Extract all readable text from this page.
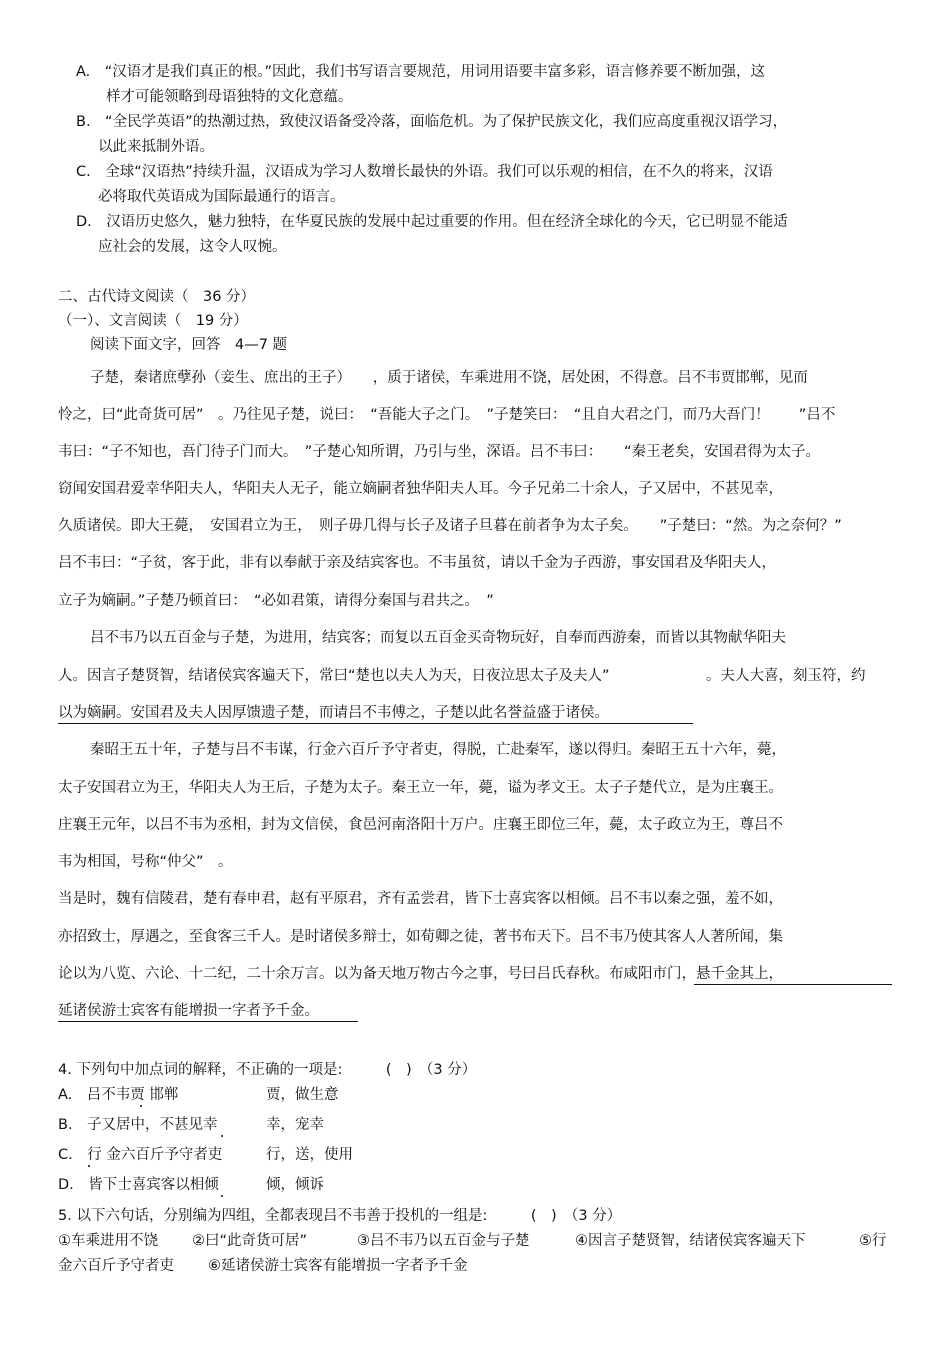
A.　“汉语才是我们真正的根。”因此，我们书写语言要规范，用词用语要丰富多彩，语言修养要不断加强，这
样才可能领略到母语独特的文化意蕴。
B.　“全民学英语”的热潮过热，致使汉语备受冷落，面临危机。为了保护民族文化，我们应高度重视汉语学习，
以此来抵制外语。
C.　全球“汉语热”持续升温，汉语成为学习人数增长最快的外语。我们可以乐观的相信，在不久的将来，汉语
必将取代英语成为国际最通行的语言。
D.　汉语历史悠久，魅力独特，在华夏民族的发展中起过重要的作用。但在经济全球化的今天，它已明显不能适
应社会的发展，这令人叹惋。
二、古代诗文阅读（　36 分）
（一）、文言阅读（　19 分）
阅读下面文字，回答　4—7 题
子楚，秦诸庶孽孙（妾生、庶出的王子）　　，质于诸侯，车乘进用不饶，居处困，不得意。吕不韦贾邯郸，见而
怜之，曰“此奇货可居”　。乃往见子楚，说曰：　“吾能大子之门。　”子楚笑曰：　“且自大君之门，而乃大吾门！　　”吕不
韦曰：“子不知也，吾门待子门而大。　”子楚心知所谓，乃引与坐，深语。吕不韦曰：　　“秦王老矣，安国君得为太子。
窃闻安国君爱幸华阳夫人，华阳夫人无子，能立嫡嗣者独华阳夫人耳。今子兄弟二十余人，子又居中，不甚见幸，
久质诸侯。即大王薨，　安国君立为王，　则子毋几得与长子及诸子旦暮在前者争为太子矣。　　”子楚曰：“然。为之奈何？”
吕不韦曰：“子贫，客于此，非有以奉献于亲及结宾客也。不韦虽贫，请以千金为子西游，事安国君及华阳夫人，
立子为嫡嗣。”子楚乃顿首曰：　“必如君策，请得分秦国与君共之。　”
吕不韦乃以五百金与子楚，为进用，结宾客；而复以五百金买奇物玩好，自奉而西游秦，而皆以其物献华阳夫
人。因言子楚贤智，结诸侯宾客遍天下，常曰“楚也以夫人为天，日夜泣思太子及夫人”	。夫人大喜，刻玉符，约
以为嫡嗣。安国君及夫人因厚馈遗子楚，而请吕不韦傅之，子楚以此名誉益盛于诸侯。
秦昭王五十年，子楚与吕不韦谋，行金六百斤予守者吏，得脱，亡赴秦军，遂以得归。秦昭王五十六年，薨，
太子安国君立为王，华阳夫人为王后，子楚为太子。秦王立一年，薨，谥为孝文王。太子子楚代立，是为庄襄王。
庄襄王元年，以吕不韦为丞相，封为文信侯，食邑河南洛阳十万户。庄襄王即位三年，薨，太子政立为王，尊吕不
韦为相国，号称“仲父”　。
当是时，魏有信陵君，楚有春申君，赵有平原君，齐有孟尝君，皆下士喜宾客以相倾。吕不韦以秦之强，羞不如，
亦招致士，厚遇之，至食客三千人。是时诸侯多辩士，如荀卿之徒，著书布天下。吕不韦乃使其客人人著所闻，集
论以为八览、六论、十二纪，二十余万言。以为备天地万物古今之事，号曰吕氏春秋。布咸阳市门，悬千金其上，
延诸侯游士宾客有能增损一字者予千金。
4. 下列句中加点词的解释，不正确的一项是:　　　(　)　（3 分）
A.　吕不韦贾 邯郸	贾，做生意
B.　子又居中，不甚见幸	幸，宠幸
C.　行 金六百斤予守者吏	行，送，使用
D.　皆下士喜宾客以相倾	倾，倾诉
5. 以下六句话，分别编为四组，全都表现吕不韦善于投机的一组是:　　　(　)　（3 分）
①车乘进用不饶 ②曰“此奇货可居”	③吕不韦乃以五百金与子楚	④因言子楚贤智，结诸侯宾客遍天下	⑤行
金六百斤予守者吏 ⑥延诸侯游士宾客有能增损一字者予千金
